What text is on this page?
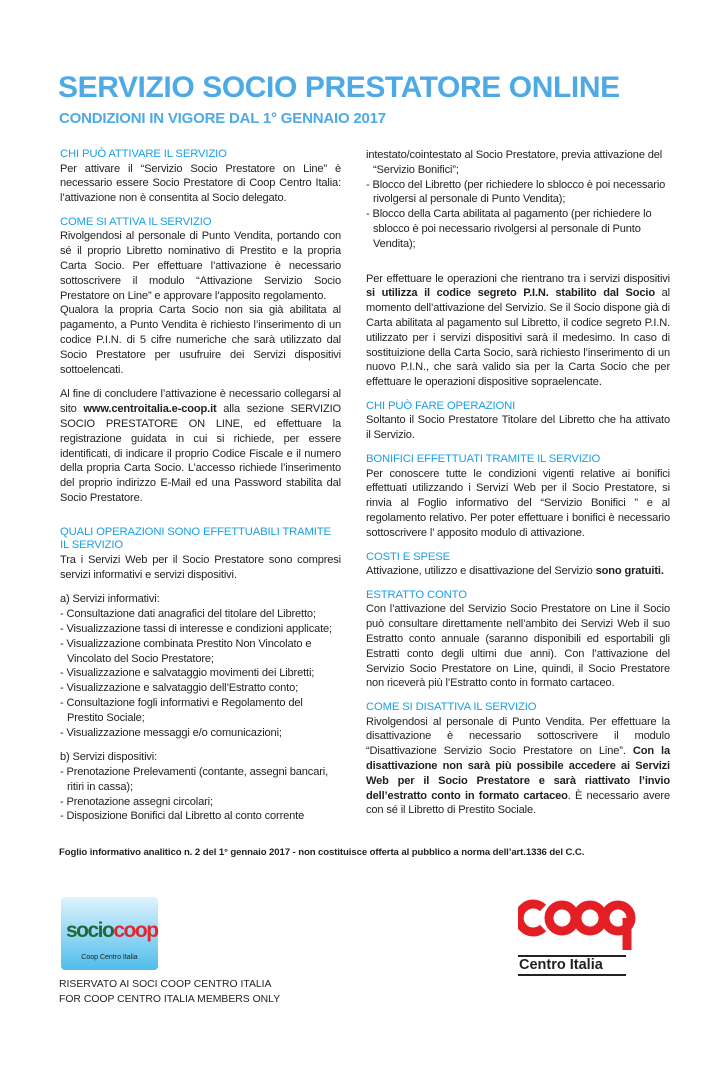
SERVIZIO SOCIO PRESTATORE ONLINE
CONDIZIONI IN VIGORE DAL 1° GENNAIO 2017
CHI PUÒ ATTIVARE IL SERVIZIO

Per attivare il “Servizio Socio Prestatore on Line” è necessario essere Socio Prestatore di Coop Centro Italia: l’attivazione non è consentita al Socio delegato.

COME SI ATTIVA IL SERVIZIO

Rivolgendosi al personale di Punto Vendita, portando con sé il proprio Libretto nominativo di Prestito e la propria Carta Socio. Per effettuare l’attivazione è necessario sottoscrivere il modulo “Attivazione Servizio Socio Prestatore on Line” e approvare l’apposito regolamento.

Qualora la propria Carta Socio non sia già abilitata al pagamento, a Punto Vendita è richiesto l’inserimento di un codice P.I.N. di 5 cifre numeriche che sarà utilizzato dal Socio Prestatore per usufruire dei Servizi dispositivi sottoelencati.

Al fine di concludere l’attivazione è necessario collegarsi al sito www.centroitalia.e-coop.it alla sezione SERVIZIO SOCIO PRESTATORE ON LINE, ed effettuare la registrazione guidata in cui si richiede, per essere identificati, di indicare il proprio Codice Fiscale e il numero della propria Carta Socio. L’accesso richiede l’inserimento del proprio indirizzo E-Mail ed una Password stabilita dal Socio Prestatore.

QUALI OPERAZIONI SONO EFFETTUABILI TRAMITE IL SERVIZIO

Tra i Servizi Web per il Socio Prestatore sono compresi servizi informativi e servizi dispositivi.

a) Servizi informativi:

- Consultazione dati anagrafici del titolare del Libretto;
- Visualizzazione tassi di interesse e condizioni applicate;
- Visualizzazione combinata Prestito Non Vincolato e Vincolato del Socio Prestatore;
- Visualizzazione e salvataggio movimenti dei Libretti;
- Visualizzazione e salvataggio dell’Estratto conto;
- Consultazione fogli informativi e Regolamento del Prestito Sociale;
- Visualizzazione messaggi e/o comunicazioni;

b) Servizi dispositivi:

- Prenotazione Prelevamenti (contante, assegni bancari, ritiri in cassa);
- Prenotazione assegni circolari;
- Disposizione Bonifici dal Libretto al conto corrente
intestato/cointestato al Socio Prestatore, previa attivazione del “Servizio Bonifici”;
- Blocco del Libretto (per richiedere lo sblocco è poi necessario rivolgersi al personale di Punto Vendita);
- Blocco della Carta abilitata al pagamento (per richiedere lo sblocco è poi necessario rivolgersi al personale di Punto Vendita);

Per effettuare le operazioni che rientrano tra i servizi dispositivi si utilizza il codice segreto P.I.N. stabilito dal Socio al momento dell’attivazione del Servizio. Se il Socio dispone già di Carta abilitata al pagamento sul Libretto, il codice segreto P.I.N. utilizzato per i servizi dispositivi sarà il medesimo. In caso di sostituizione della Carta Socio, sarà richiesto l’inserimento di un nuovo P.I.N., che sarà valido sia per la Carta Socio che per effettuare le operazioni dispositive sopraelencate.

CHI PUÒ FARE OPERAZIONI

Soltanto il Socio Prestatore Titolare del Libretto che ha attivato il Servizio.

BONIFICI EFFETTUATI TRAMITE IL SERVIZIO

Per conoscere tutte le condizioni vigenti relative ai bonifici effettuati utilizzando i Servizi Web per il Socio Prestatore, si rinvia al Foglio informativo del “Servizio Bonifici ” e al regolamento relativo. Per poter effettuare i bonifici è necessario sottoscrivere l’ apposito modulo di attivazione.

COSTI E SPESE

Attivazione, utilizzo e disattivazione del Servizio sono gratuiti.

ESTRATTO CONTO

Con l’attivazione del Servizio Socio Prestatore on Line il Socio può consultare direttamente nell’ambito dei Servizi Web il suo Estratto conto annuale (saranno disponibili ed esportabili gli Estratti conto degli ultimi due anni). Con l’attivazione del Servizio Socio Prestatore on Line, quindi, il Socio Prestatore non riceverà più l’Estratto conto in formato cartaceo.

COME SI DISATTIVA IL SERVIZIO

Rivolgendosi al personale di Punto Vendita. Per effettuare la disattivazione è necessario sottoscrivere il modulo “Disattivazione Servizio Socio Prestatore on Line”. Con la disattivazione non sarà più possibile accedere ai Servizi Web per il Socio Prestatore e sarà riattivato l’invio dell’estratto conto in formato cartaceo. È necessario avere con sé il Libretto di Prestito Sociale.

Foglio informativo analitico n. 2 del 1° gennaio 2017 - non costituisce offerta al pubblico a norma dell’art.1336 del C.C.
sociocoop
Coop Centro Italia
RISERVATO AI SOCI COOP CENTRO ITALIA
FOR COOP CENTRO ITALIA MEMBERS ONLY
Centro Italia
